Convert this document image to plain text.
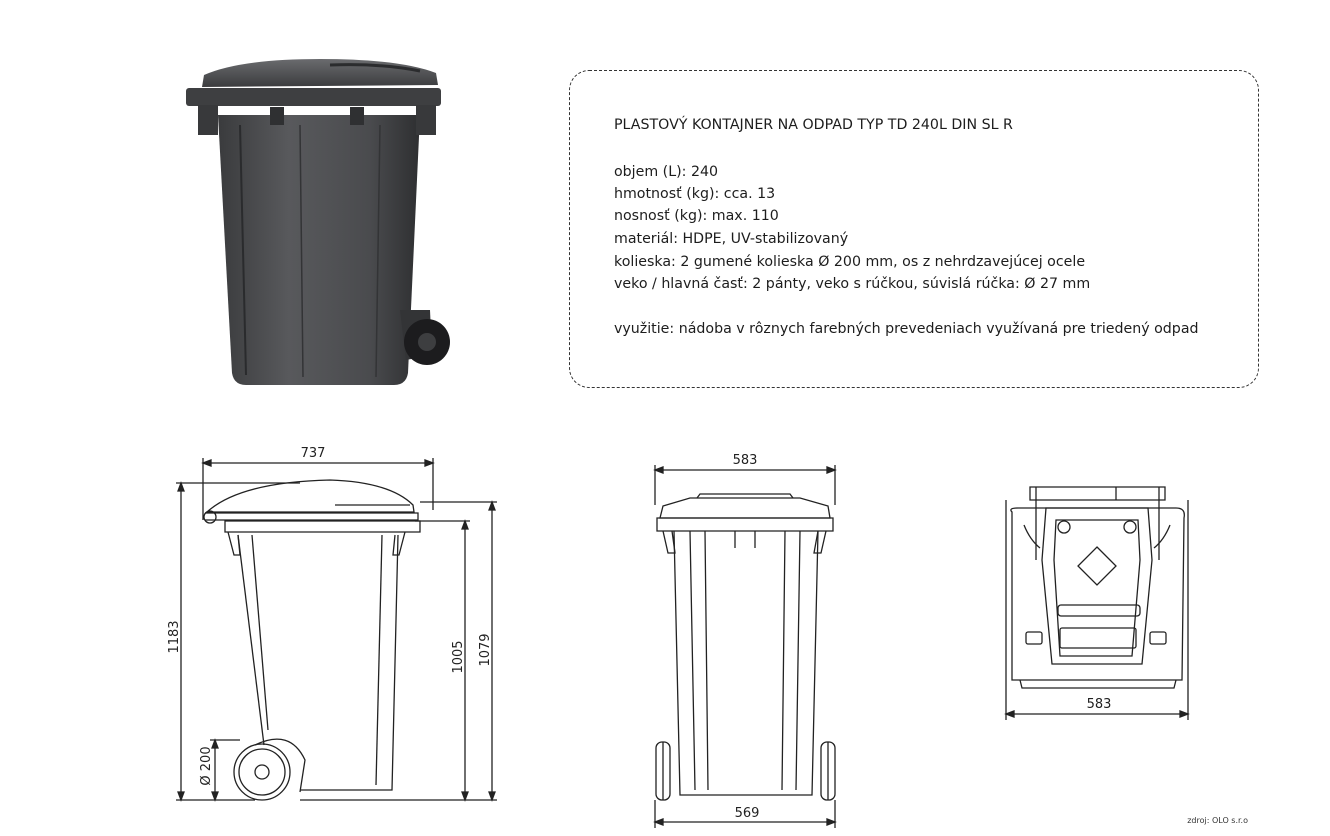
PLASTOVÝ KONTAJNER NA ODPAD TYP TD 240L DIN SL R
objem (L): 240
hmotnosť (kg): cca. 13
nosnosť (kg): max. 110
materiál: HDPE, UV-stabilizovaný
kolieska: 2 gumené kolieska Ø 200 mm, os z nehrdzavejúcej ocele
veko / hlavná časť: 2 pánty, veko s rúčkou, súvislá rúčka: Ø 27 mm
využitie: nádoba v rôznych farebných prevedeniach využívaná pre triedený odpad
737
1183
1005 1079
Ø 200
583
569
583
zdroj: OLO s.r.o
